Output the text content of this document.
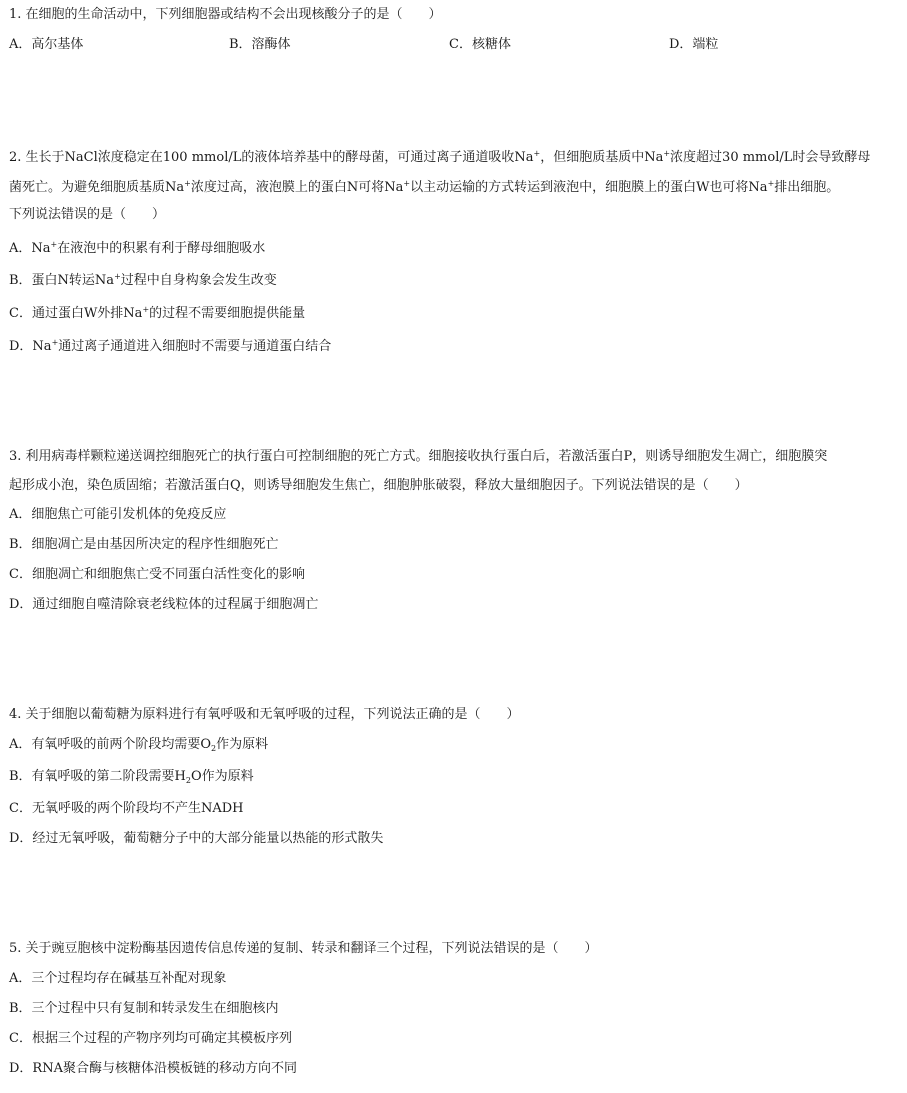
1. 在细胞的生命活动中，下列细胞器或结构不会出现核酸分子的是（　　）
A．高尔基体	B．溶酶体	C．核糖体	D．端粒
2. 生长于NaCl浓度稳定在100 mmol/L的液体培养基中的酵母菌，可通过离子通道吸收Na+，但细胞质基质中Na+浓度超过30 mmol/L时会导致酵母
菌死亡。为避免细胞质基质Na+浓度过高，液泡膜上的蛋白N可将Na+以主动运输的方式转运到液泡中，细胞膜上的蛋白W也可将Na+排出细胞。
下列说法错误的是（　　）
A．Na+在液泡中的积累有利于酵母细胞吸水
B．蛋白N转运Na+过程中自身构象会发生改变
C．通过蛋白W外排Na+的过程不需要细胞提供能量
D．Na+通过离子通道进入细胞时不需要与通道蛋白结合
3. 利用病毒样颗粒递送调控细胞死亡的执行蛋白可控制细胞的死亡方式。细胞接收执行蛋白后，若激活蛋白P，则诱导细胞发生凋亡，细胞膜突
起形成小泡，染色质固缩；若激活蛋白Q，则诱导细胞发生焦亡，细胞肿胀破裂，释放大量细胞因子。下列说法错误的是（　　）
A．细胞焦亡可能引发机体的免疫反应
B．细胞凋亡是由基因所决定的程序性细胞死亡
C．细胞凋亡和细胞焦亡受不同蛋白活性变化的影响
D．通过细胞自噬清除衰老线粒体的过程属于细胞凋亡
4. 关于细胞以葡萄糖为原料进行有氧呼吸和无氧呼吸的过程，下列说法正确的是（　　）
A．有氧呼吸的前两个阶段均需要$O_2$作为原料
B．有氧呼吸的第二阶段需要$H_2O$作为原料
C．无氧呼吸的两个阶段均不产生NADH
D．经过无氧呼吸，葡萄糖分子中的大部分能量以热能的形式散失
5. 关于豌豆胞核中淀粉酶基因遗传信息传递的复制、转录和翻译三个过程，下列说法错误的是（　　）
A．三个过程均存在碱基互补配对现象
B．三个过程中只有复制和转录发生在细胞核内
C．根据三个过程的产物序列均可确定其模板序列
D．RNA聚合酶与核糖体沿模板链的移动方向不同
